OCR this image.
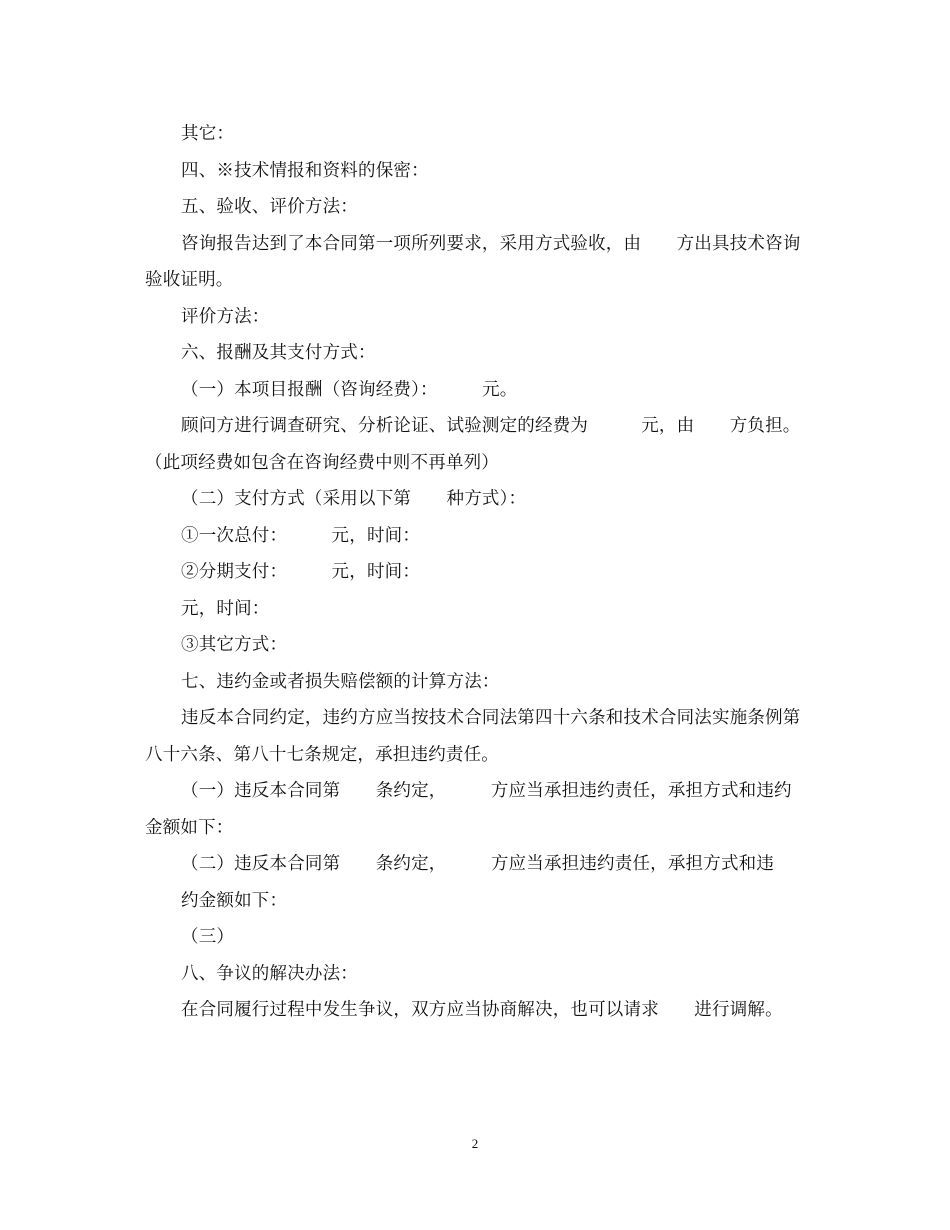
其它：

四、※技术情报和资料的保密：

五、验收、评价方法：

咨询报告达到了本合同第一项所列要求，采用方式验收，由　　方出具技术咨询验收证明。

评价方法：

六、报酬及其支付方式：

（一）本项目报酬（咨询经费）：　　　元。

顾问方进行调查研究、分析论证、试验测定的经费为　　　元，由　　方负担。（此项经费如包含在咨询经费中则不再单列）

（二）支付方式（采用以下第　　种方式）：

①一次总付：　　　元，时间：

②分期支付：　　　元，时间：

元，时间：

③其它方式：

七、违约金或者损失赔偿额的计算方法：

违反本合同约定，违约方应当按技术合同法第四十六条和技术合同法实施条例第八十六条、第八十七条规定，承担违约责任。

（一）违反本合同第　　条约定，　　　方应当承担违约责任，承担方式和违约金额如下：

（二）违反本合同第　　条约定，　　　方应当承担违约责任，承担方式和违

约金额如下：

（三）

八、争议的解决办法：

在合同履行过程中发生争议，双方应当协商解决，也可以请求　　进行调解。

2
